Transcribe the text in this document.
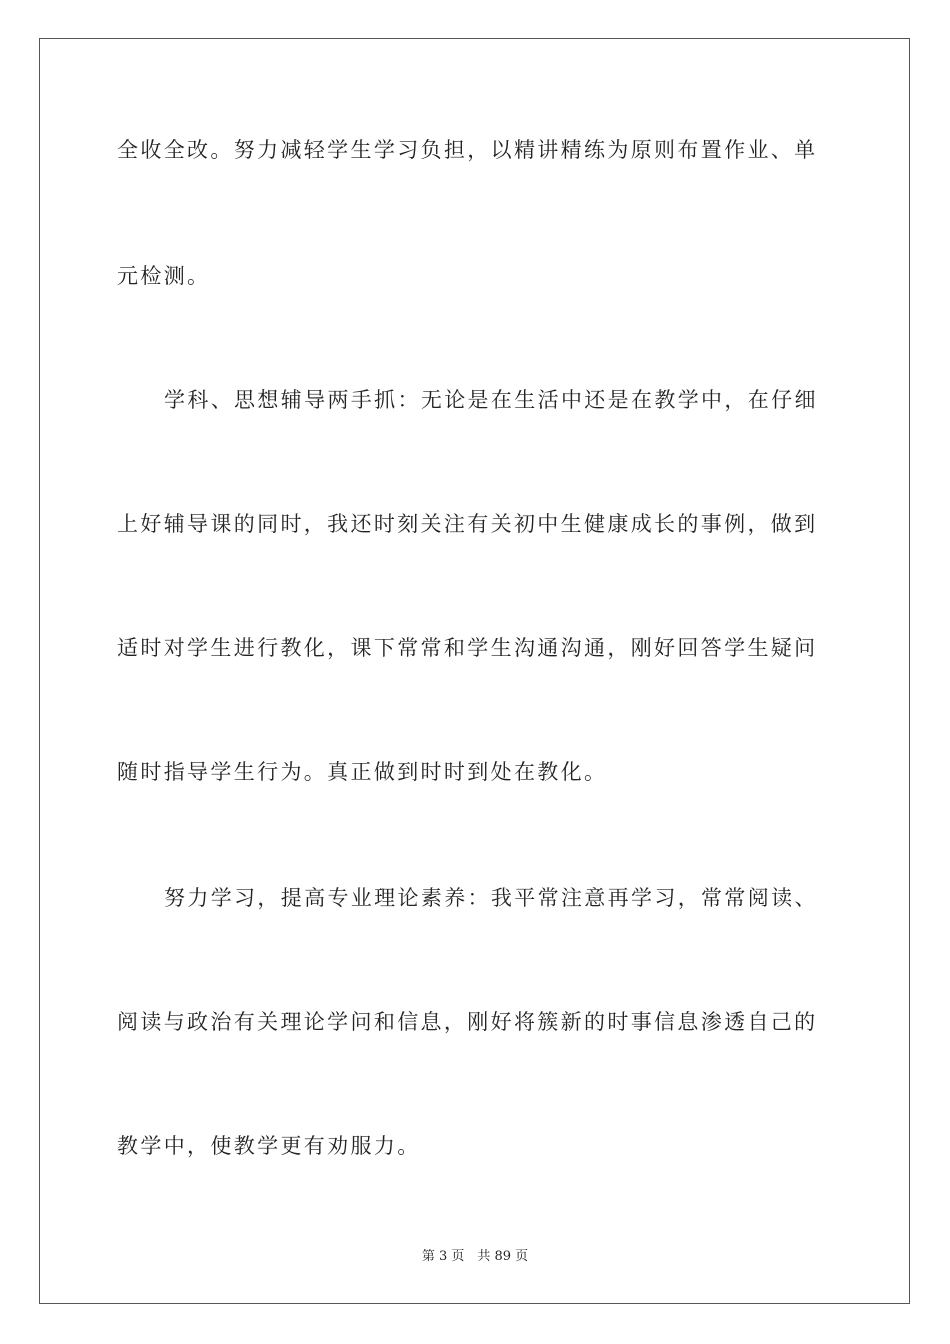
全收全改。努力减轻学生学习负担，以精讲精练为原则布置作业、单

元检测。

学科、思想辅导两手抓：无论是在生活中还是在教学中，在仔细

上好辅导课的同时，我还时刻关注有关初中生健康成长的事例，做到

适时对学生进行教化，课下常常和学生沟通沟通，刚好回答学生疑问

随时指导学生行为。真正做到时时到处在教化。

努力学习，提高专业理论素养：我平常注意再学习，常常阅读、

阅读与政治有关理论学问和信息，刚好将簇新的时事信息渗透自己的

教学中，使教学更有劝服力。

第 3 页　共 89 页
